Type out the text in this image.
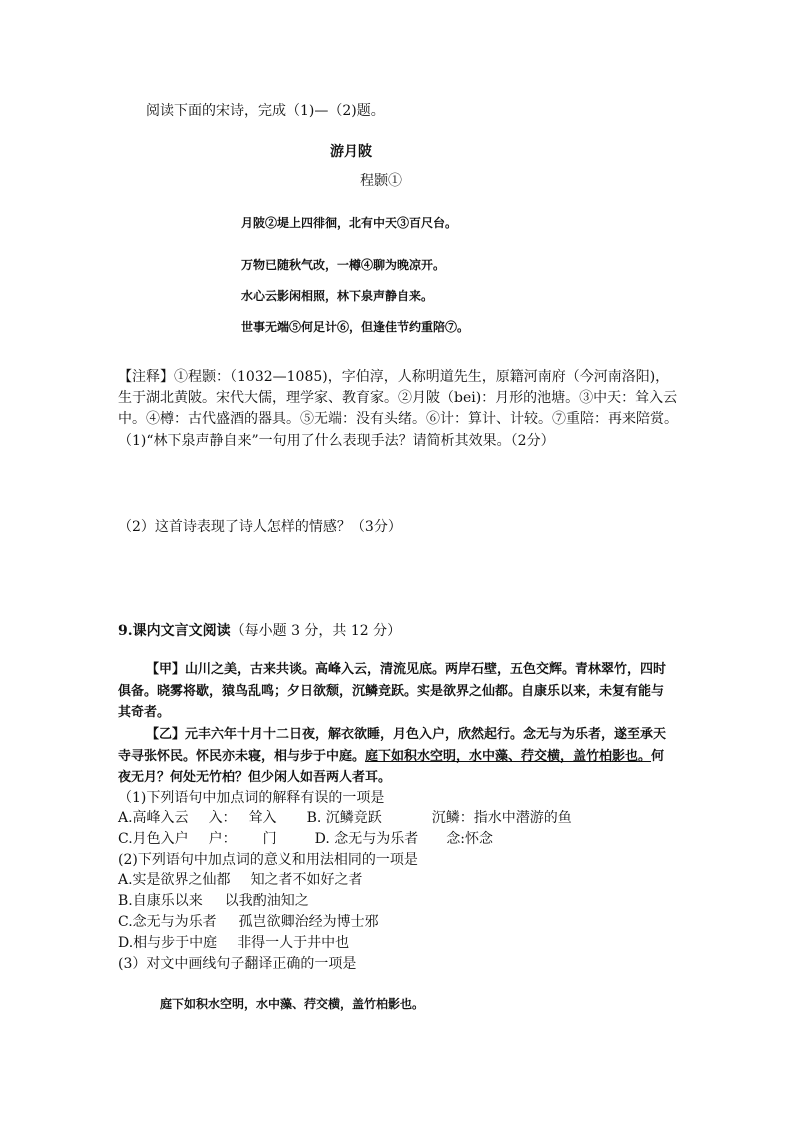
阅读下面的宋诗，完成（1)—（2)题。
游月陂
程颢①
月陂②堤上四徘徊，北有中天③百尺台。
万物已随秋气改，一樽④聊为晚凉开。
水心云影闲相照，林下泉声静自来。
世事无端⑤何足计⑥，但逢佳节约重陪⑦。
【注释】①程颢：（1032—1085)，字伯淳，人称明道先生，原籍河南府（今河南洛阳)，生于湖北黄陂。宋代大儒，理学家、教育家。②月陂（bei)：月形的池塘。③中天：耸入云中。④樽：古代盛酒的器具。⑤无端：没有头绪。⑥计：算计、计较。⑦重陪：再来陪赏。
（1)“林下泉声静自来”一句用了什么表现手法？请简析其效果。（2分）
（2）这首诗表现了诗人怎样的情感？（3分）
9.课内文言文阅读（每小题 3 分，共 12 分）
【甲】山川之美，古来共谈。高峰入云，清流见底。两岸石壁，五色交辉。青林翠竹，四时俱备。晓雾将歇，猿鸟乱鸣；夕日欲颓，沉鳞竞跃。实是欲界之仙都。自康乐以来，未复有能与其奇者。
【乙】元丰六年十月十二日夜，解衣欲睡，月色入户，欣然起行。念无与为乐者，遂至承天寺寻张怀民。怀民亦未寝，相与步于中庭。庭下如积水空明，水中藻、荇交横，盖竹柏影也。何夜无月？何处无竹柏？但少闲人如吾两人者耳。
（1)下列语句中加点词的解释有误的一项是
A.高峰入云 入： 耸入 B. 沉鳞竞跃	沉鳞：指水中潜游的鱼
C.月色入户 户： 门	D. 念无与为乐者 念:怀念
(2)下列语句中加点词的意义和用法相同的一项是
A.实是欲界之仙都 知之者不如好之者
B.自康乐以来 以我酌油知之
C.念无与为乐者 孤岂欲卿治经为博士邪
D.相与步于中庭 非得一人于井中也
(3）对文中画线句子翻译正确的一项是
庭下如积水空明，水中藻、荇交横，盖竹柏影也。
